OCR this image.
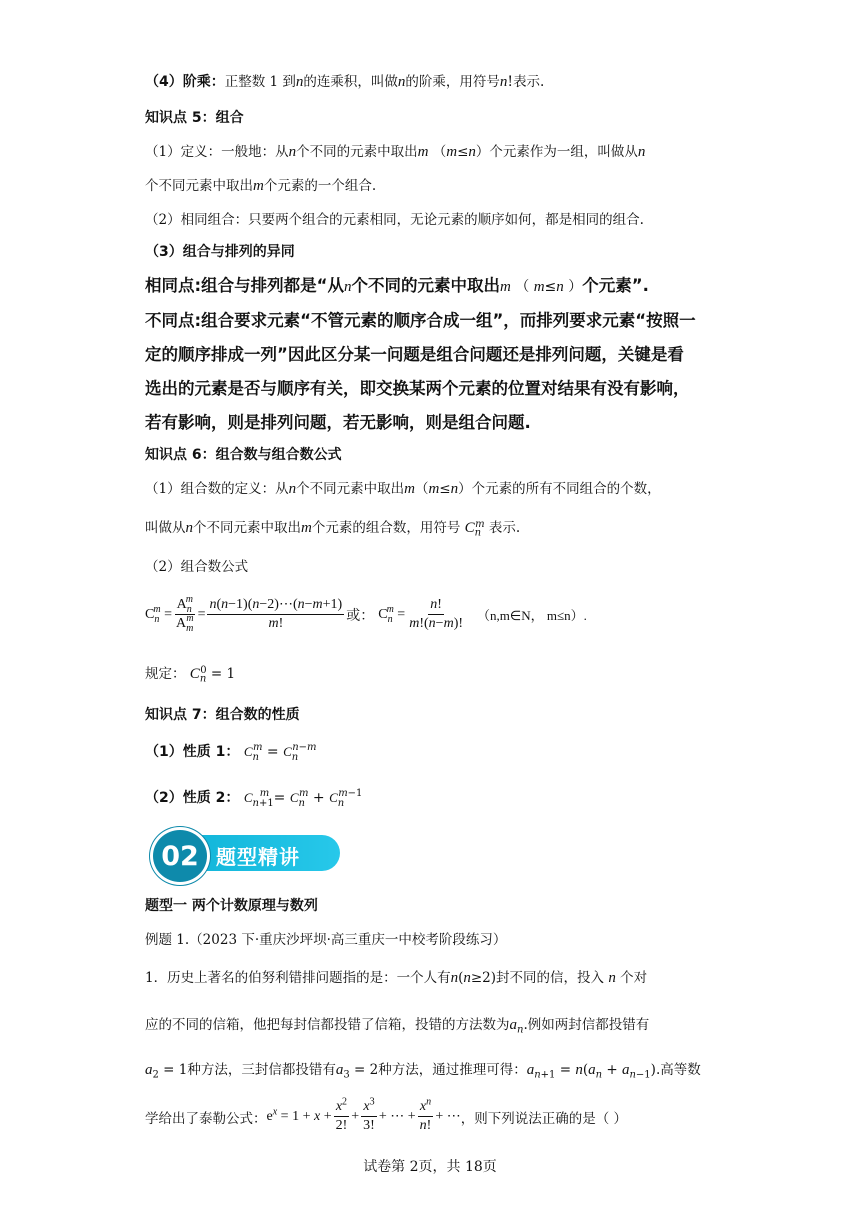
（4）阶乘：正整数 1 到n的连乘积，叫做n的阶乘，用符号n!表示.
知识点 5：组合
（1）定义：一般地：从n个不同的元素中取出m （m≤n）个元素作为一组，叫做从n
个不同元素中取出m个元素的一个组合.
（2）相同组合：只要两个组合的元素相同，无论元素的顺序如何，都是相同的组合.
（3）组合与排列的异同
相同点:组合与排列都是“从n个不同的元素中取出m （ m≤n ）个元素”.
不同点:组合要求元素“不管元素的顺序合成一组”，而排列要求元素“按照一
定的顺序排成一列”因此区分某一问题是组合问题还是排列问题，关键是看
选出的元素是否与顺序有关，即交换某两个元素的位置对结果有没有影响，
若有影响，则是排列问题，若无影响，则是组合问题.
知识点 6：组合数与组合数公式
（1）组合数的定义：从n个不同元素中取出m（m≤n）个元素的所有不同组合的个数，
叫做从n个不同元素中取出m个元素的组合数，用符号 $C_n^m$ 表示.
（2）组合数公式
$C_n^m = \frac{A_n^m}{A_m^m} = \frac{n(n-1)(n-2)\cdots(n-m+1)}{m!}$ 或： $C_n^m = \frac{n!}{m!(n-m)!}$ （n,m∈N， m≤n）.
规定： $C_n^0 = 1$
知识点 7：组合数的性质
（1）性质 1： $C_n^m = C_n^{n-m}$
（2）性质 2： $C_{n+1}^m = C_n^m + C_n^{m-1}$
02 题型精讲
题型一 两个计数原理与数列
例题 1.（2023 下·重庆沙坪坝·高三重庆一中校考阶段练习）
1．历史上著名的伯努利错排问题指的是：一个人有n(n≥2)封不同的信，投入 n 个对
应的不同的信箱，他把每封信都投错了信箱，投错的方法数为$a_n$.例如两封信都投错有
$a_2 = 1$种方法，三封信都投错有$a_3 = 2$种方法，通过推理可得：$a_{n+1} = n(a_n + a_{n-1})$.高等数
学给出了泰勒公式： $e^x = 1 + x + \frac{x^2}{2!} + \frac{x^3}{3!}$ + ⋯ + $\frac{x^n}{n!}$ + ⋯ ，则下列说法正确的是（ ）
试卷第 2页，共 18页
